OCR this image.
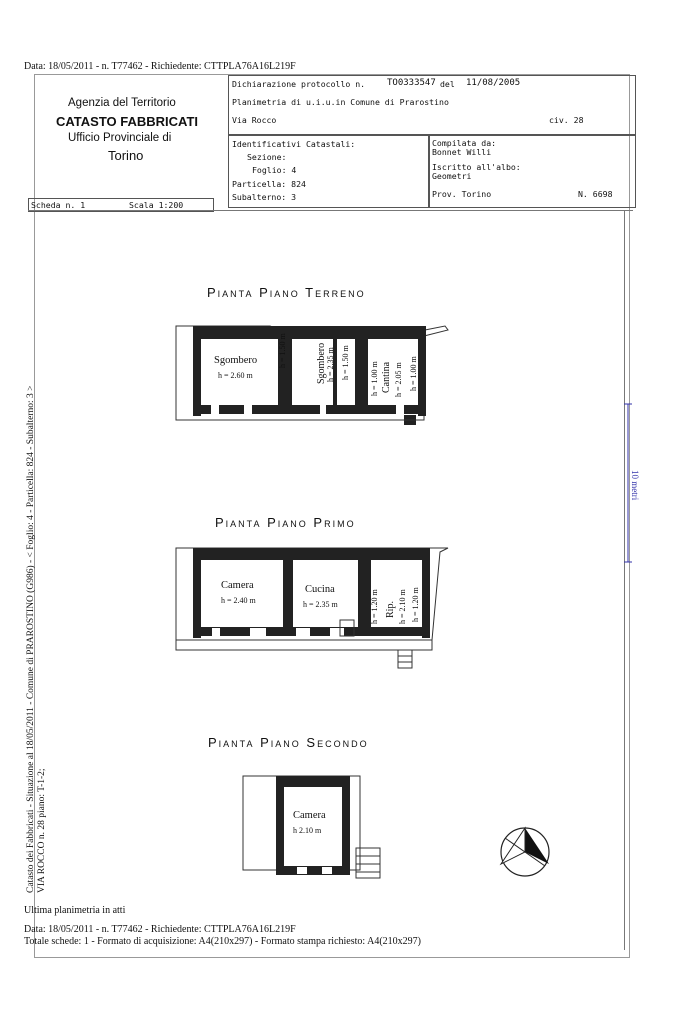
Data: 18/05/2011 - n. T77462 - Richiedente: CTTPLA76A16L219F
Agenzia del Territorio
CATASTO FABBRICATI
Ufficio Provinciale di
Torino
Dichiarazione protocollo n. TO0333547 del 11/08/2005
Planimetria di u.i.u.in Comune di Prarostino
Via Rocco	civ. 28
Identificativi Catastali:
Sezione:
Foglio: 4
Particella: 824
Subalterno: 3
Compilata da:
Bonnet Willi
Iscritto all'albo:
Geometri
Prov. Torino	N. 6698
Scheda n. 1	Scala 1:200
Pianta Piano Terreno
Pianta Piano Primo
Pianta Piano Secondo
Sgombero
h = 2.60 m
h = 1.50 m	Sgombero h = 2.35 m h = 1.50 m	h = 1.00 m Cantina h = 2.05 m h = 1.00 m
Camera
h = 2.40 m
Cucina
h = 2.35 m	h = 1.20 m Rip. h = 2.10 m h = 1.20 m
Camera
h 2.10 m
10 metri
Catasto dei Fabbricati - Situazione al 18/05/2011 - Comune di PRAROSTINO (G986) - < Foglio: 4 - Particella: 824 - Subalterno: 3 > VIA ROCCO n. 28 piano: T-1-2;
Ultima planimetria in atti
Data: 18/05/2011 - n. T77462 - Richiedente: CTTPLA76A16L219F
Totale schede: 1 - Formato di acquisizione: A4(210x297) - Formato stampa richiesto: A4(210x297)
